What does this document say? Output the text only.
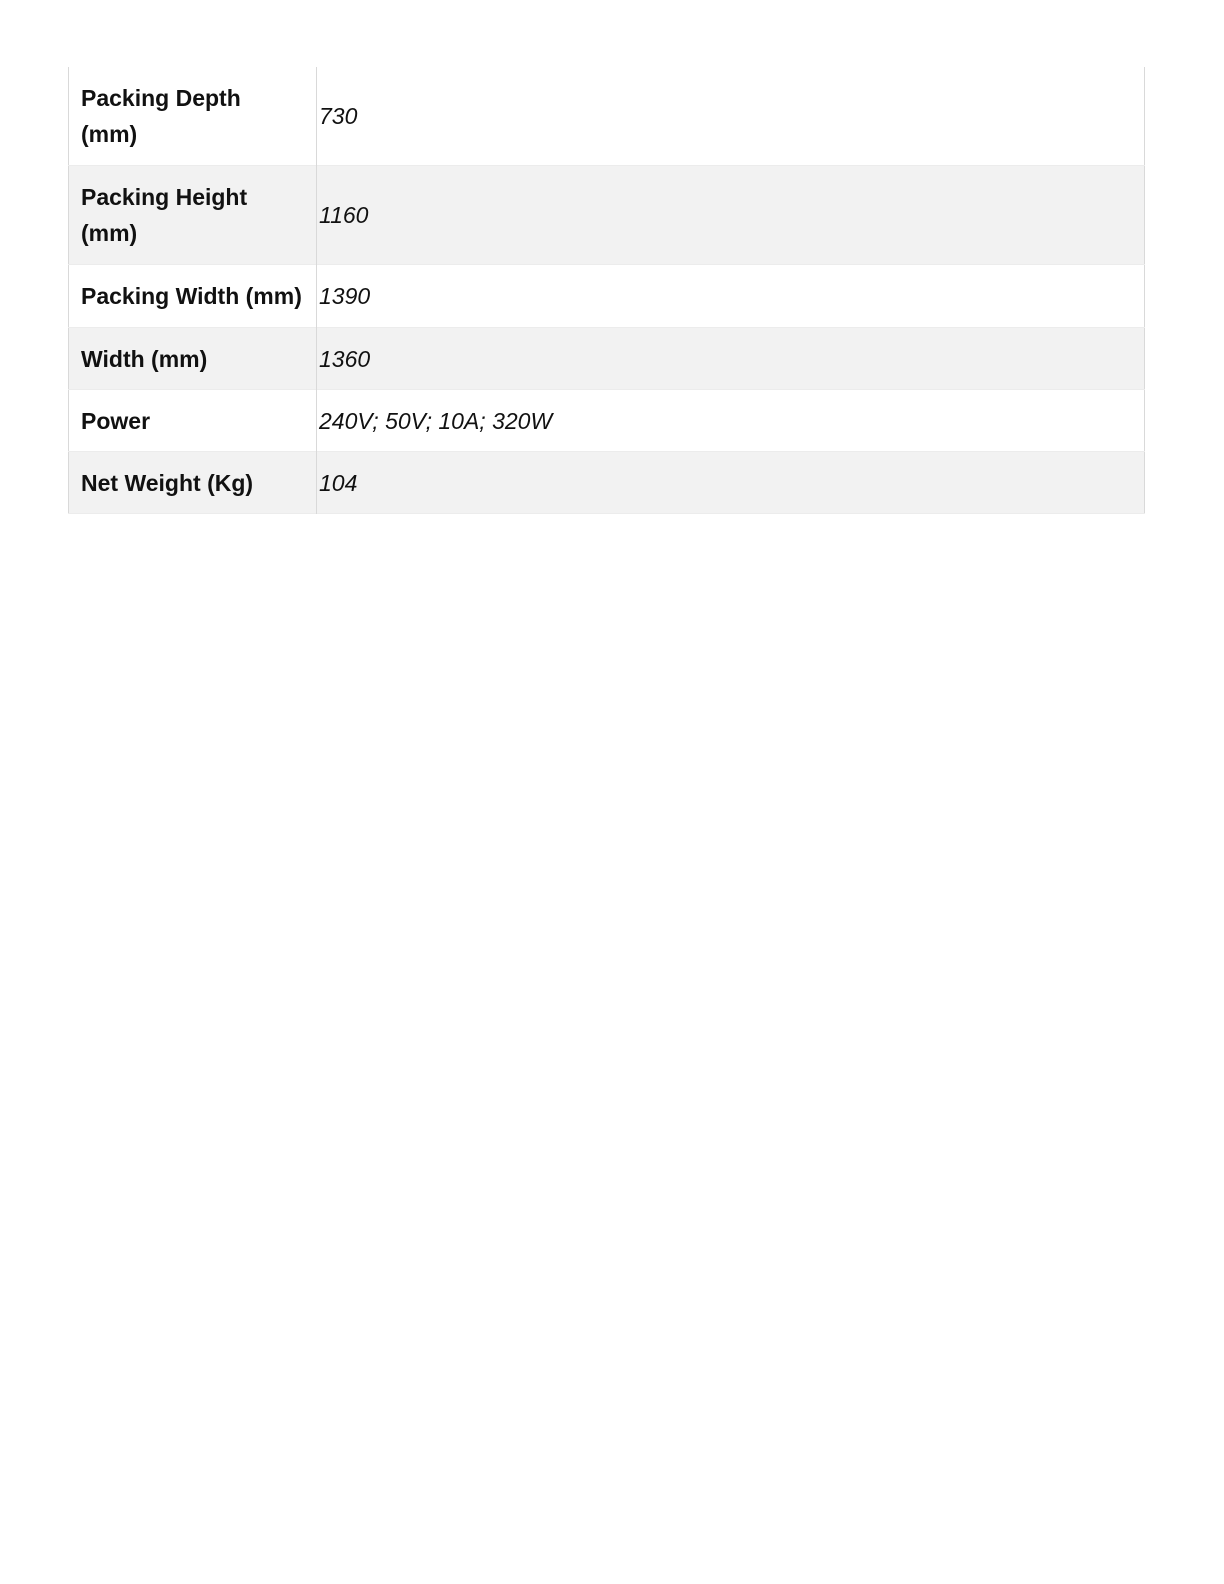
Packing Depth (mm)	730
Packing Height (mm)	1160
Packing Width (mm)	1390
Width (mm)	1360
Power	240V; 50V; 10A; 320W
Net Weight (Kg)	104
